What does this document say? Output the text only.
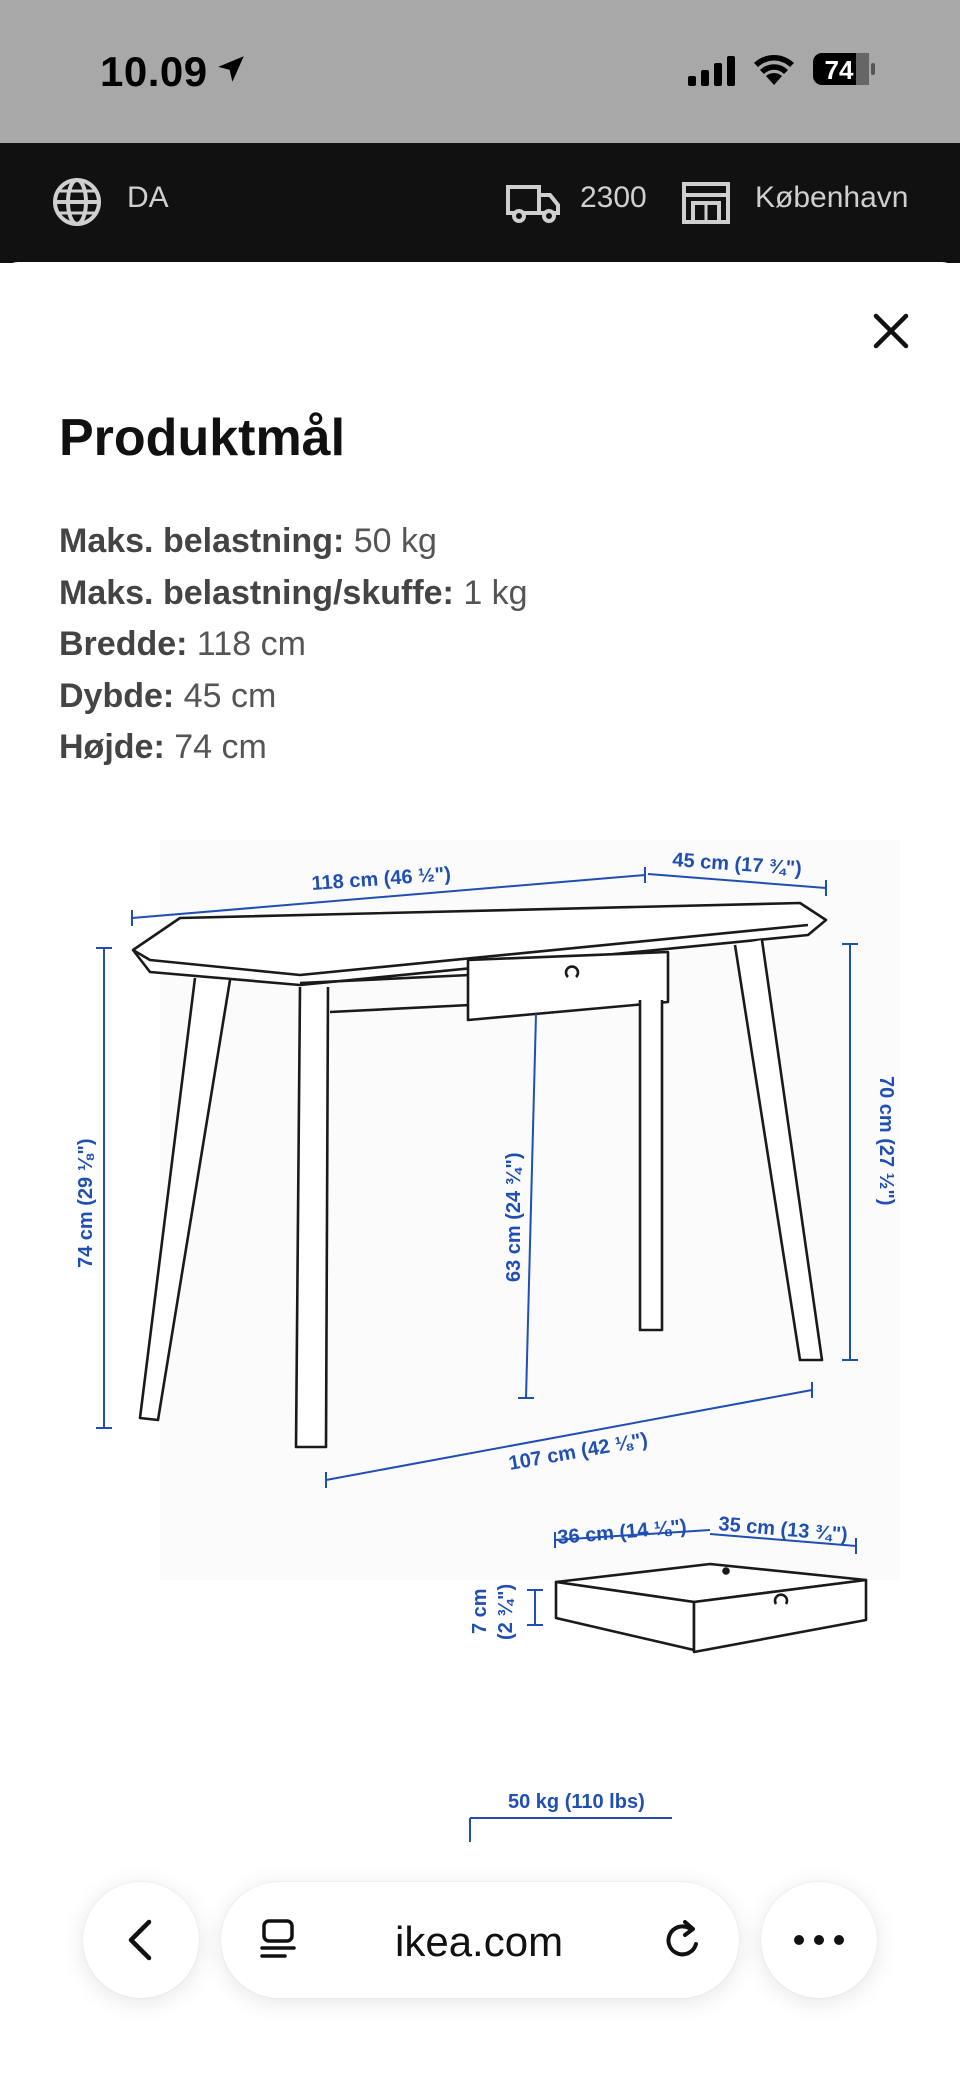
10.09	74
DA	2300	København
Produktmål
Maks. belastning: 50 kg
Maks. belastning/skuffe: 1 kg
Bredde: 118 cm
Dybde: 45 cm
Højde: 74 cm
118 cm (46 ½")	45 cm (17 ¾")
74 cm (29 ⅛")	63 cm (24 ¾")
70 cm (27 ½")
107 cm (42 ⅛")
36 cm (14 ⅛") 35 cm (13 ¾")
7 cm (2 ¾")
50 kg (110 lbs)
ikea.com
